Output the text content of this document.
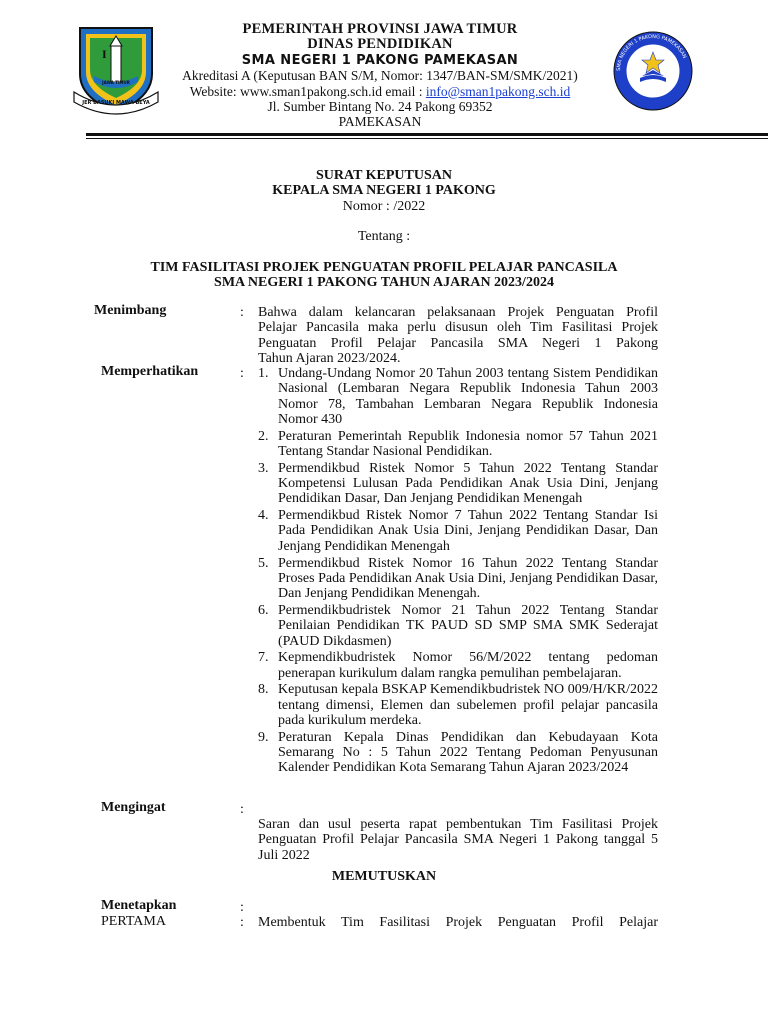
I
JAWA TIMUR
JER BASUKI MAWA BEYA
PEMERINTAH PROVINSI JAWA TIMUR
DINAS PENDIDIKAN
SMA NEGERI 1 PAKONG PAMEKASAN
Akreditasi A (Keputusan BAN S/M, Nomor: 1347/BAN-SM/SMK/2021)
Website: www.sman1pakong.sch.id email : info@sman1pakong.sch.id
Jl. Sumber Bintang No. 24 Pakong 69352
PAMEKASAN
SMA NEGERI 1 PAKONG PAMEKASAN
SURAT KEPUTUSAN
KEPALA SMA NEGERI 1 PAKONG
Nomor : /2022
Tentang :
TIM FASILITASI PROJEK PENGUATAN PROFIL PELAJAR PANCASILA
SMA NEGERI 1 PAKONG TAHUN AJARAN 2023/2024
Menimbang	: Bahwa dalam kelancaran pelaksanaan Projek Penguatan Profil
Pelajar Pancasila maka perlu disusun oleh Tim Fasilitasi Projek
Penguatan Profil Pelajar Pancasila SMA Negeri 1 Pakong
Tahun Ajaran 2023/2024.
Memperhatikan	: 1. Undang-Undang Nomor 20 Tahun 2003 tentang Sistem Pendidikan Nasional (Lembaran Negara Republik Indonesia Tahun 2003 Nomor 78, Tambahan Lembaran Negara Republik Indonesia Nomor 430
2. Peraturan Pemerintah Republik Indonesia nomor 57 Tahun 2021 Tentang Standar Nasional Pendidikan.
3. Permendikbud Ristek Nomor 5 Tahun 2022 Tentang Standar Kompetensi Lulusan Pada Pendidikan Anak Usia Dini, Jenjang Pendidikan Dasar, Dan Jenjang Pendidikan Menengah
4. Permendikbud Ristek Nomor 7 Tahun 2022 Tentang Standar Isi Pada Pendidikan Anak Usia Dini, Jenjang Pendidikan Dasar, Dan Jenjang Pendidikan Menengah
5. Permendikbud Ristek Nomor 16 Tahun 2022 Tentang Standar Proses Pada Pendidikan Anak Usia Dini, Jenjang Pendidikan Dasar, Dan Jenjang Pendidikan Menengah.
6. Permendikbudristek Nomor 21 Tahun 2022 Tentang Standar Penilaian Pendidikan TK PAUD SD SMP SMA SMK Sederajat (PAUD Dikdasmen)
7. Kepmendikbudristek Nomor 56/M/2022 tentang pedoman penerapan kurikulum dalam rangka pemulihan pembelajaran.
8. Keputusan kepala BSKAP Kemendikbudristek NO 009/H/KR/2022 tentang dimensi, Elemen dan subelemen profil pelajar pancasila pada kurikulum merdeka.
9. Peraturan Kepala Dinas Pendidikan dan Kebudayaan Kota Semarang No : 5 Tahun 2022 Tentang Pedoman Penyusunan Kalender Pendidikan Kota Semarang Tahun Ajaran 2023/2024
Mengingat	:
Saran dan usul peserta rapat pembentukan Tim Fasilitasi Projek Penguatan Profil Pelajar Pancasila SMA Negeri 1 Pakong tanggal 5 Juli 2022
MEMUTUSKAN
Menetapkan	:
PERTAMA	: Membentuk Tim Fasilitasi Projek Penguatan Profil Pelajar
